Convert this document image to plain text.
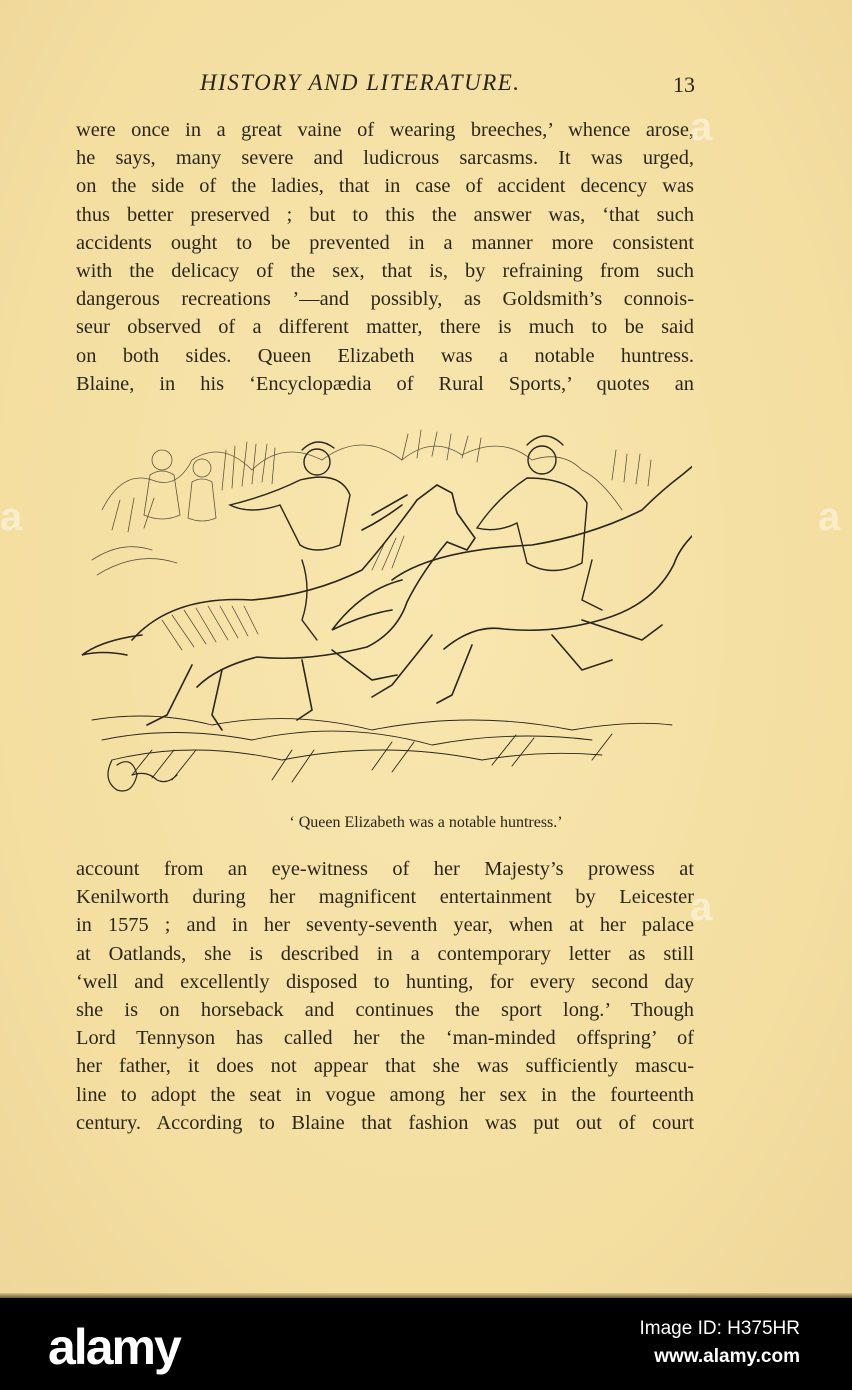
HISTORY AND LITERATURE.	13
were once in a great vaine of wearing breeches,’ whence arose,
he says, many severe and ludicrous sarcasms. It was urged,
on the side of the ladies, that in case of accident decency was
thus better preserved ; but to this the answer was, ‘that such
accidents ought to be prevented in a manner more consistent
with the delicacy of the sex, that is, by refraining from such
dangerous recreations ’—and possibly, as Goldsmith’s connois-
seur observed of a different matter, there is much to be said
on both sides. Queen Elizabeth was a notable huntress.
Blaine, in his ‘Encyclopædia of Rural Sports,’ quotes an
‘ Queen Elizabeth was a notable huntress.’
account from an eye-witness of her Majesty’s prowess at
Kenilworth during her magnificent entertainment by Leicester
in 1575 ; and in her seventy-seventh year, when at her palace
at Oatlands, she is described in a contemporary letter as still
‘well and excellently disposed to hunting, for every second day
she is on horseback and continues the sport long.’ Though
Lord Tennyson has called her the ‘man-minded offspring’ of
her father, it does not appear that she was sufficiently mascu-
line to adopt the seat in vogue among her sex in the fourteenth
century. According to Blaine that fashion was put out of court
a
a	a
a
alamy	Image ID: H375HR
www.alamy.com
